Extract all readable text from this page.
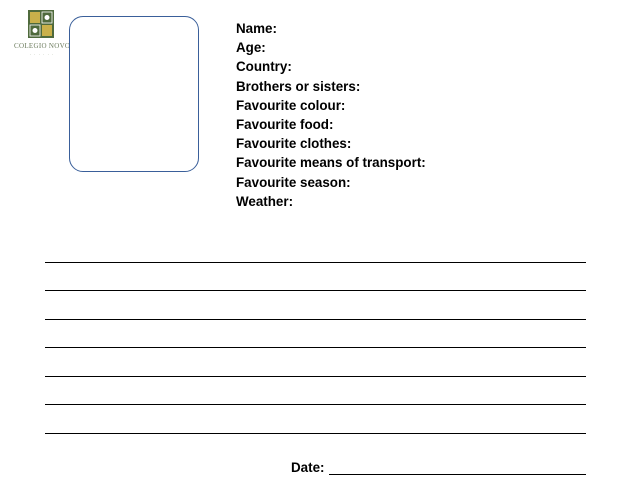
COLEGIO NOVO
· · · · · ·
Name:
Age:
Country:
Brothers or sisters:
Favourite colour:
Favourite food:
Favourite clothes:
Favourite means of transport:
Favourite season:
Weather:
Date:
